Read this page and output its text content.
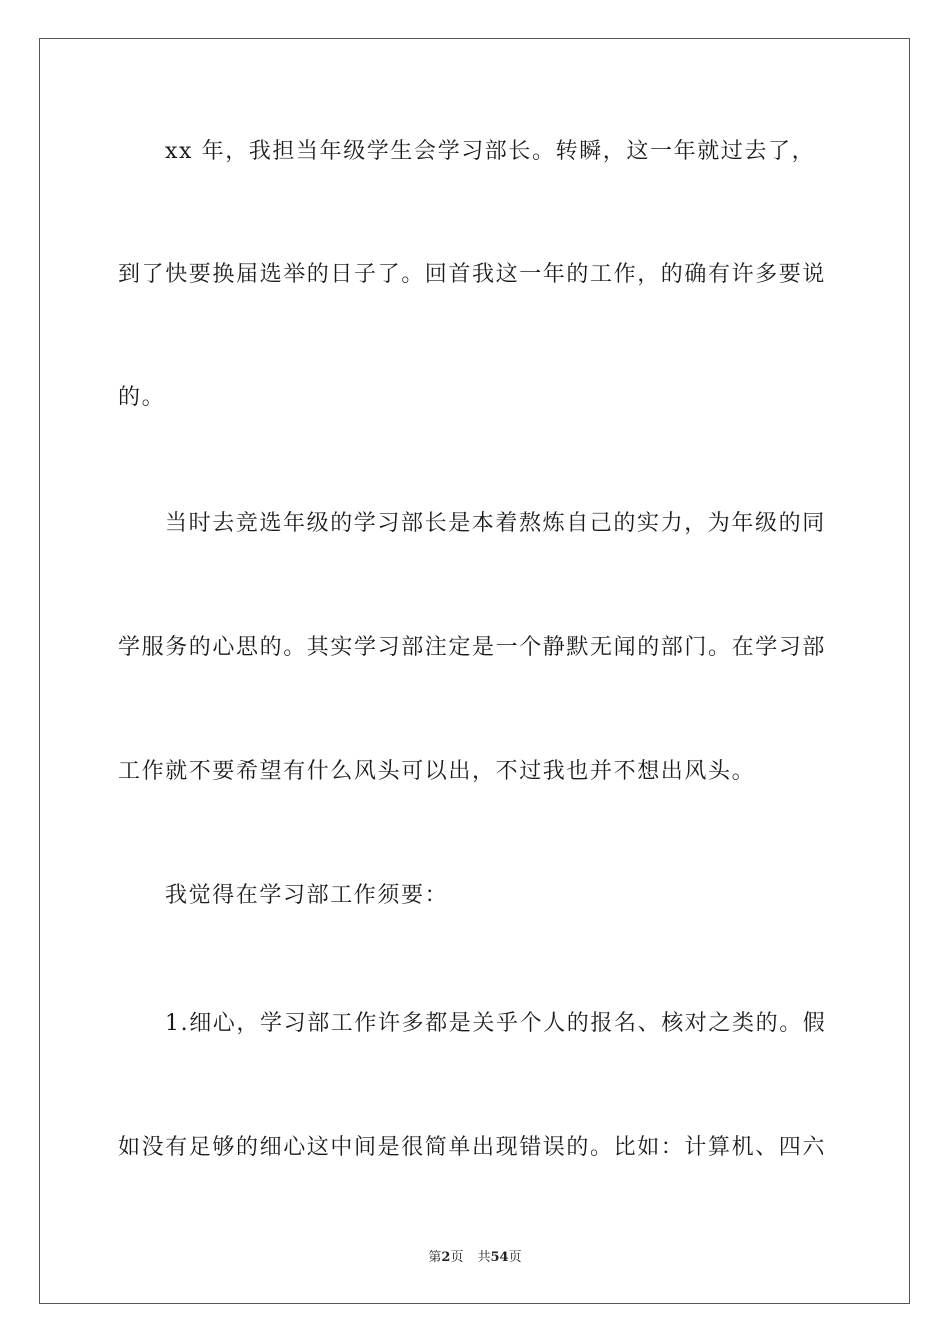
xx 年，我担当年级学生会学习部长。转瞬，这一年就过去了，
到了快要换届选举的日子了。回首我这一年的工作，的确有许多要说
的。
当时去竞选年级的学习部长是本着熬炼自己的实力，为年级的同
学服务的心思的。其实学习部注定是一个静默无闻的部门。在学习部
工作就不要希望有什么风头可以出，不过我也并不想出风头。
我觉得在学习部工作须要：
1.细心，学习部工作许多都是关乎个人的报名、核对之类的。假
如没有足够的细心这中间是很简单出现错误的。比如：计算机、四六
第2页 共54页
